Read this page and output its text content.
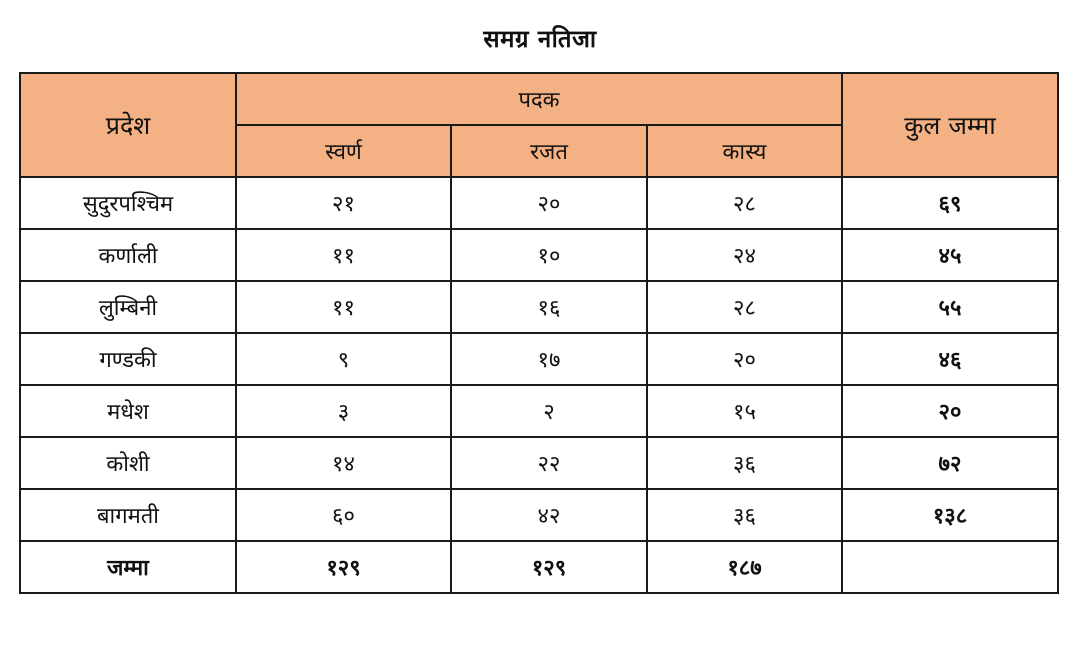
समग्र नतिजा
प्रदेश	पदक			कुल जम्मा
	स्वर्ण	रजत	कास्य	
सुदुरपश्चिम	२१	२०	२८	६९
कर्णाली	११	१०	२४	४५
लुम्बिनी	११	१६	२८	५५
गण्डकी	९	१७	२०	४६
मधेश	३	२	१५	२०
कोशी	१४	२२	३६	७२
बागमती	६०	४२	३६	१३८
जम्मा	१२९	१२९	१८७	
